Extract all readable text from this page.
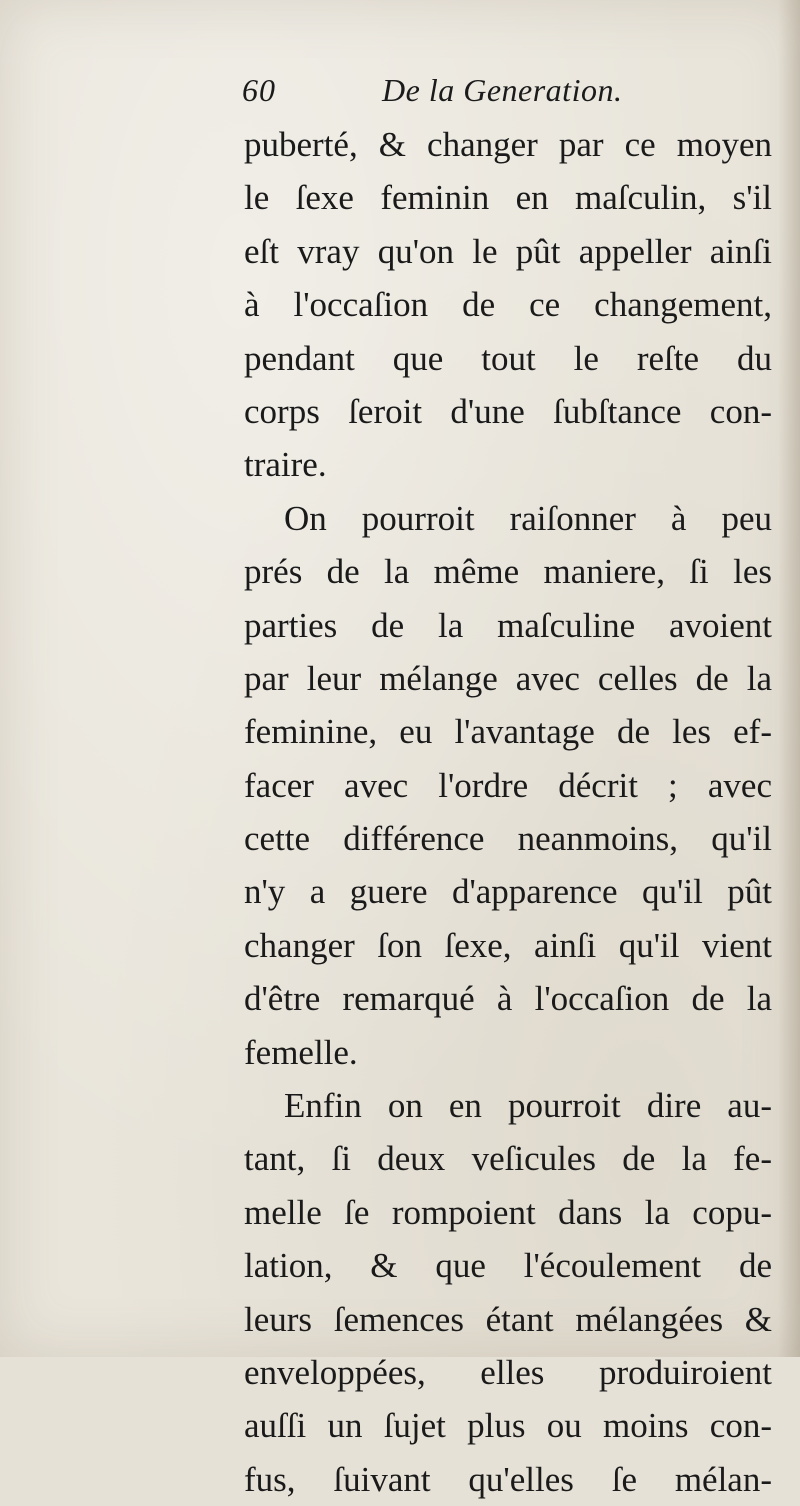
60	De la Generation.
puberté, & changer par ce moyen
le ſexe feminin en maſculin, s'il
eſt vray qu'on le pût appeller ainſi
à l'occaſion de ce changement,
pendant que tout le reſte du
corps ſeroit d'une ſubſtance con-
traire.
On pourroit raiſonner à peu
prés de la même maniere, ſi les
parties de la maſculine avoient
par leur mélange avec celles de la
feminine, eu l'avantage de les ef-
facer avec l'ordre décrit ; avec
cette différence neanmoins, qu'il
n'y a guere d'apparence qu'il pût
changer ſon ſexe, ainſi qu'il vient
d'être remarqué à l'occaſion de la
femelle.
Enfin on en pourroit dire au-
tant, ſi deux veſicules de la fe-
melle ſe rompoient dans la copu-
lation, & que l'écoulement de
leurs ſemences étant mélangées &
enveloppées, elles produiroient
auſſi un ſujet plus ou moins con-
fus, ſuivant qu'elles ſe mélan-
